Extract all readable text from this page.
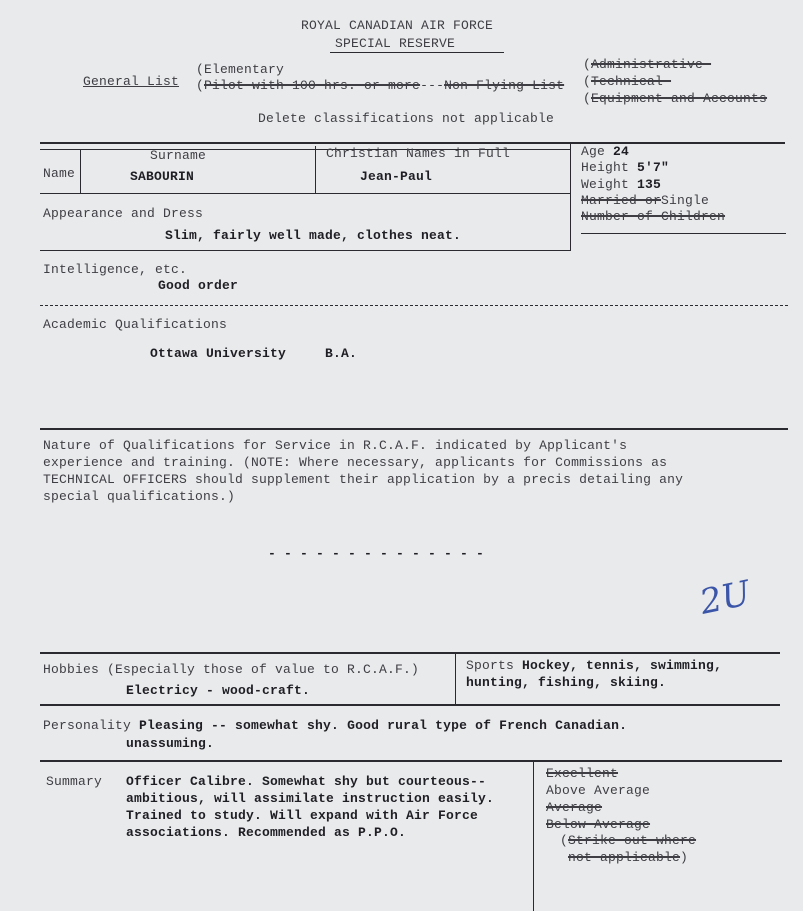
ROYAL CANADIAN AIR FORCE
SPECIAL RESERVE
General List
(Elementary
(Pilot with 100 hrs. or more---Non-Flying List
(Administrative-
(Technical-
(Equipment and Accounts
Delete classifications not applicable
Name
Surname
SABOURIN
Christian Names in Full
Jean-Paul
Age 24
Height 5'7"
Weight 135
Married orSingle
Number of Children
Appearance and Dress
Slim, fairly well made, clothes neat.
Intelligence, etc.
Good order
Academic Qualifications
Ottawa University	B.A.
Nature of Qualifications for Service in R.C.A.F. indicated by Applicant's
experience and training. (NOTE: Where necessary, applicants for Commissions as
TECHNICAL OFFICERS should supplement their application by a precis detailing any
special qualifications.)
- - - - - - - - - - - - - -
2U
Hobbies (Especially those of value to R.C.A.F.)
Electricy - wood-craft.
Sports Hockey, tennis, swimming,
hunting, fishing, skiing.
Personality Pleasing -- somewhat shy. Good rural type of French Canadian.
unassuming.
Summary Officer Calibre. Somewhat shy but courteous--
ambitious, will assimilate instruction easily.
Trained to study. Will expand with Air Force
associations. Recommended as P.P.O.
Excellent
Above Average
Average
Below Average
(Strike out where
not applicable)
